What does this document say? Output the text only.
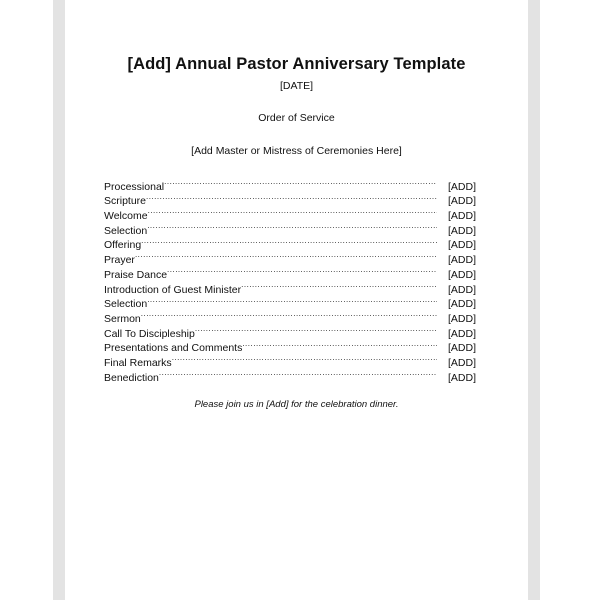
[Add] Annual Pastor Anniversary Template
[DATE]
Order of Service
[Add Master or Mistress of Ceremonies Here]
Processional .....	[ADD]
Scripture .....	[ADD]
Welcome .....	[ADD]
Selection .....	[ADD]
Offering .....	[ADD]
Prayer .....	[ADD]
Praise Dance .....	[ADD]
Introduction of Guest Minister .....	[ADD]
Selection .....	[ADD]
Sermon .....	[ADD]
Call To Discipleship .....	[ADD]
Presentations and Comments .....	[ADD]
Final Remarks .....	[ADD]
Benediction .....	[ADD]
Please join us in [Add] for the celebration dinner.
